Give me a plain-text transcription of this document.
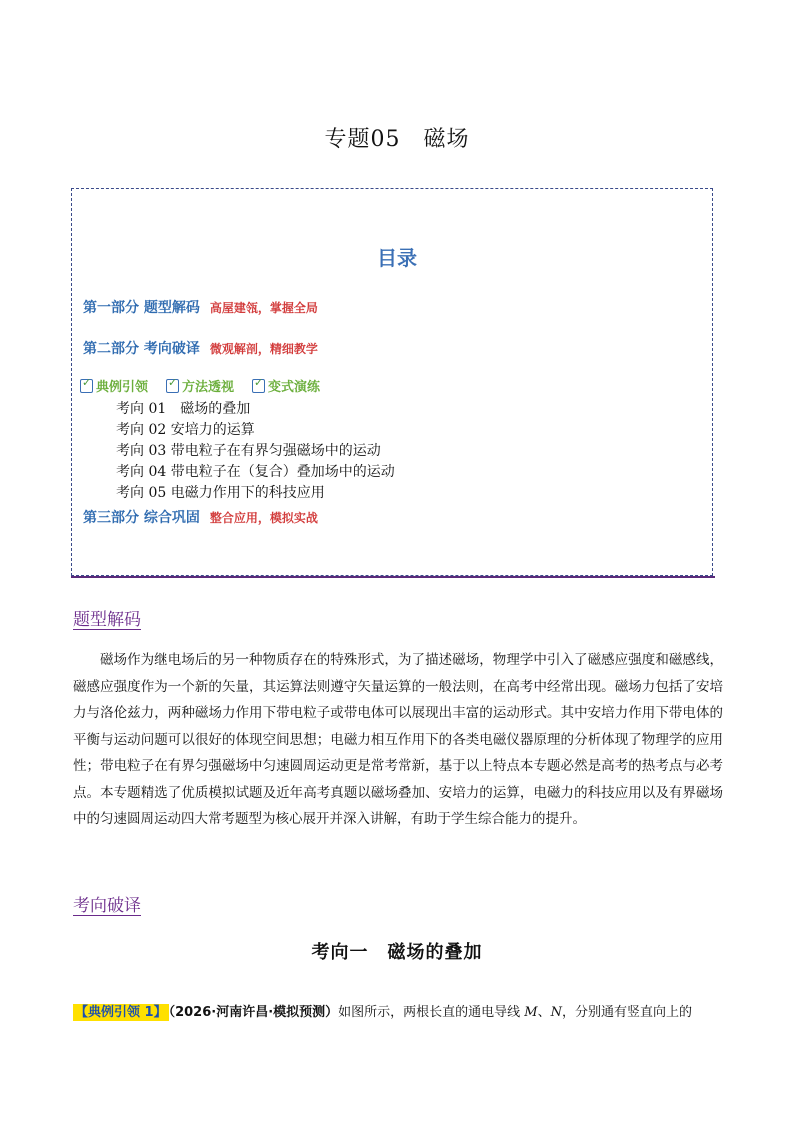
专题05　磁场
目录
第一部分 题型解码 高屋建瓴，掌握全局
第二部分 考向破译 微观解剖，精细教学
✓
典例引领 ✓	方法透视 ✓	变式演练
考向 01　磁场的叠加
考向 02 安培力的运算
考向 03 带电粒子在有界匀强磁场中的运动
考向 04 带电粒子在（复合）叠加场中的运动
考向 05 电磁力作用下的科技应用
第三部分 综合巩固 整合应用，模拟实战
题型解码

磁场作为继电场后的另一种物质存在的特殊形式，为了描述磁场，物理学中引入了磁感应强度和磁感线，磁感应强度作为一个新的矢量，其运算法则遵守矢量运算的一般法则，在高考中经常出现。磁场力包括了安培力与洛伦兹力，两种磁场力作用下带电粒子或带电体可以展现出丰富的运动形式。其中安培力作用下带电体的平衡与运动问题可以很好的体现空间思想；电磁力相互作用下的各类电磁仪器原理的分析体现了物理学的应用性；带电粒子在有界匀强磁场中匀速圆周运动更是常考常新，基于以上特点本专题必然是高考的热考点与必考点。本专题精选了优质模拟试题及近年高考真题以磁场叠加、安培力的运算，电磁力的科技应用以及有界磁场中的匀速圆周运动四大常考题型为核心展开并深入讲解，有助于学生综合能力的提升。

考向破译
考向一　磁场的叠加
【典例引领 1】 （2026·河南许昌·模拟预测）如图所示，两根长直的通电导线 M、N，分别通有竖直向上的
